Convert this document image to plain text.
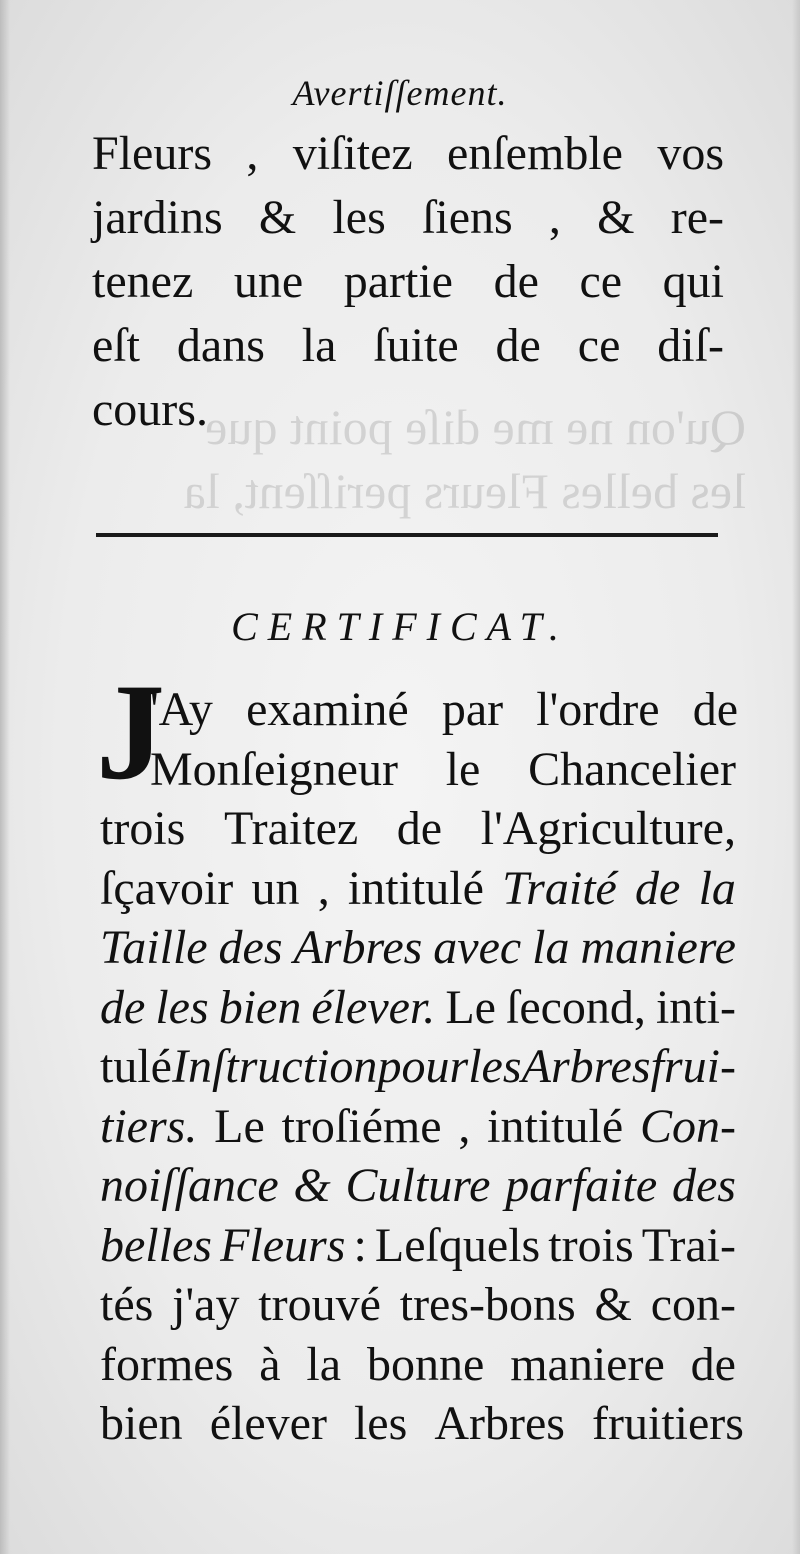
Qu'on ne me diſe point que
les belles Fleurs periſſent, la
Avertiſſement.
Fleurs , viſitez enſemble vos
jardins & les ſiens , & re-
tenez une partie de ce qui
eſt dans la ſuite de ce diſ-
cours.
CERTIFICAT.
J
'Ay examiné par l'ordre de
Monſeigneur le Chancelier
trois Traitez de l'Agriculture,
ſçavoir un , intitulé Traité de la
Taille des Arbres avec la maniere
de les bien élever. Le ſecond, inti-
tulé Inſtruction pour les Arbres frui-
tiers. Le troſiéme , intitulé Con-
noiſſance & Culture parfaite des
belles Fleurs : Leſquels trois Trai-
tés j'ay trouvé tres-bons & con-
formes à la bonne maniere de
bien élever les Arbres fruitiers
